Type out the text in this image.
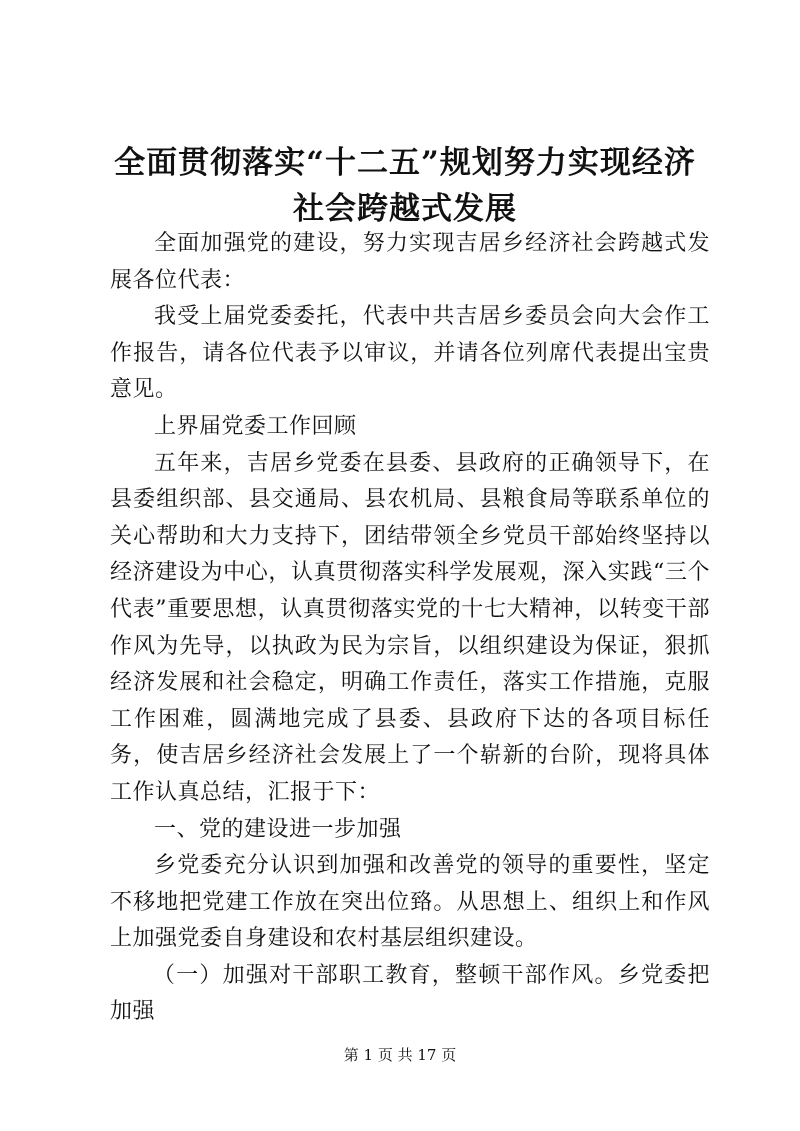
全面贯彻落实“十二五”规划努力实现经济社会跨越式发展

全面加强党的建设，努力实现吉居乡经济社会跨越式发展各位代表：

我受上届党委委托，代表中共吉居乡委员会向大会作工作报告，请各位代表予以审议，并请各位列席代表提出宝贵意见。

上界届党委工作回顾

五年来，吉居乡党委在县委、县政府的正确领导下，在县委组织部、县交通局、县农机局、县粮食局等联系单位的关心帮助和大力支持下，团结带领全乡党员干部始终坚持以经济建设为中心，认真贯彻落实科学发展观，深入实践“三个代表”重要思想，认真贯彻落实党的十七大精神，以转变干部作风为先导，以执政为民为宗旨，以组织建设为保证，狠抓经济发展和社会稳定，明确工作责任，落实工作措施，克服工作困难，圆满地完成了县委、县政府下达的各项目标任务，使吉居乡经济社会发展上了一个崭新的台阶，现将具体工作认真总结，汇报于下：

一、党的建设进一步加强

乡党委充分认识到加强和改善党的领导的重要性，坚定不移地把党建工作放在突出位臵。从思想上、组织上和作风上加强党委自身建设和农村基层组织建设。

（一）加强对干部职工教育，整顿干部作风。乡党委把加强

第 1 页 共 17 页
